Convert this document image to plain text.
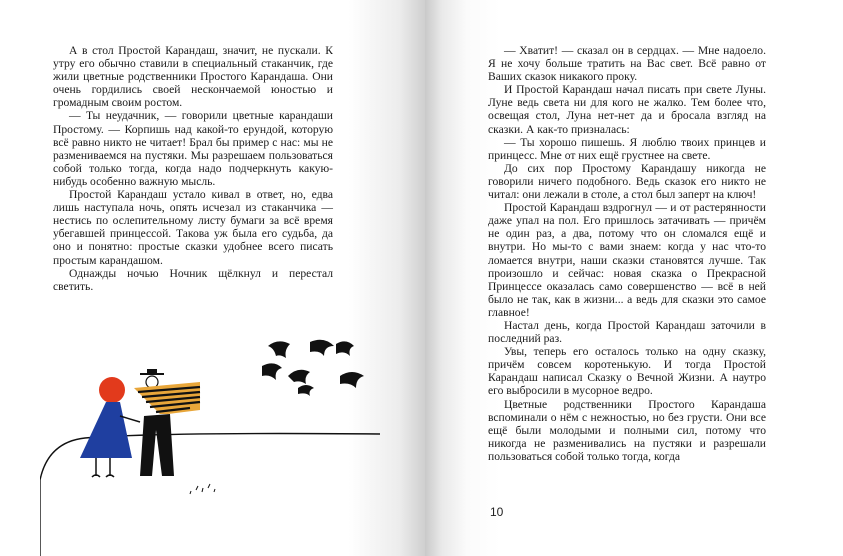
А в стол Простой Карандаш, значит, не пускали. К утру его обычно ставили в специальный стаканчик, где жили цветные родственники Простого Карандаша. Они очень гордились своей нескончаемой юностью и громадным своим ростом.

— Ты неудачник, — говорили цветные карандаши Простому. — Корпишь над какой-то ерундой, которую всё равно никто не читает! Брал бы пример с нас: мы не размениваемся на пустяки. Мы разрешаем пользоваться собой только тогда, когда надо подчеркнуть какую-нибудь особенно важную мысль.

Простой Карандаш устало кивал в ответ, но, едва лишь наступала ночь, опять исчезал из стаканчика — нестись по ослепительному листу бумаги за всё время убегавшей принцессой. Такова уж была его судьба, да оно и понятно: простые сказки удобнее всего писать простым карандашом.

Однажды ночью Ночник щёлкнул и перестал светить.

— Хватит! — сказал он в сердцах. — Мне надоело. Я не хочу больше тратить на Вас свет. Всё равно от Ваших сказок никакого проку.

И Простой Карандаш начал писать при свете Луны. Луне ведь света ни для кого не жалко. Тем более что, освещая стол, Луна нет-нет да и бросала взгляд на сказки. А как-то призналась:

— Ты хорошо пишешь. Я люблю твоих принцев и принцесс. Мне от них ещё грустнее на свете.

До сих пор Простому Карандашу никогда не говорили ничего подобного. Ведь сказок его никто не читал: они лежали в столе, а стол был заперт на ключ!

Простой Карандаш вздрогнул — и от растерянности даже упал на пол. Его пришлось затачивать — причём не один раз, а два, потому что он сломался ещё и внутри. Но мы-то с вами знаем: когда у нас что-то ломается внутри, наши сказки становятся лучше. Так произошло и сейчас: новая сказка о Прекрасной Принцессе оказалась само совершенство — всё в ней было не так, как в жизни... а ведь для сказки это самое главное!

Настал день, когда Простой Карандаш заточили в последний раз.

Увы, теперь его осталось только на одну сказку, причём совсем коротенькую. И тогда Простой Карандаш написал Сказку о Вечной Жизни. А наутро его выбросили в мусорное ведро.

Цветные родственники Простого Карандаша вспоминали о нём с нежностью, но без грусти. Они все ещё были молодыми и полными сил, потому что никогда не разменивались на пустяки и разрешали пользоваться собой только тогда, когда

10
